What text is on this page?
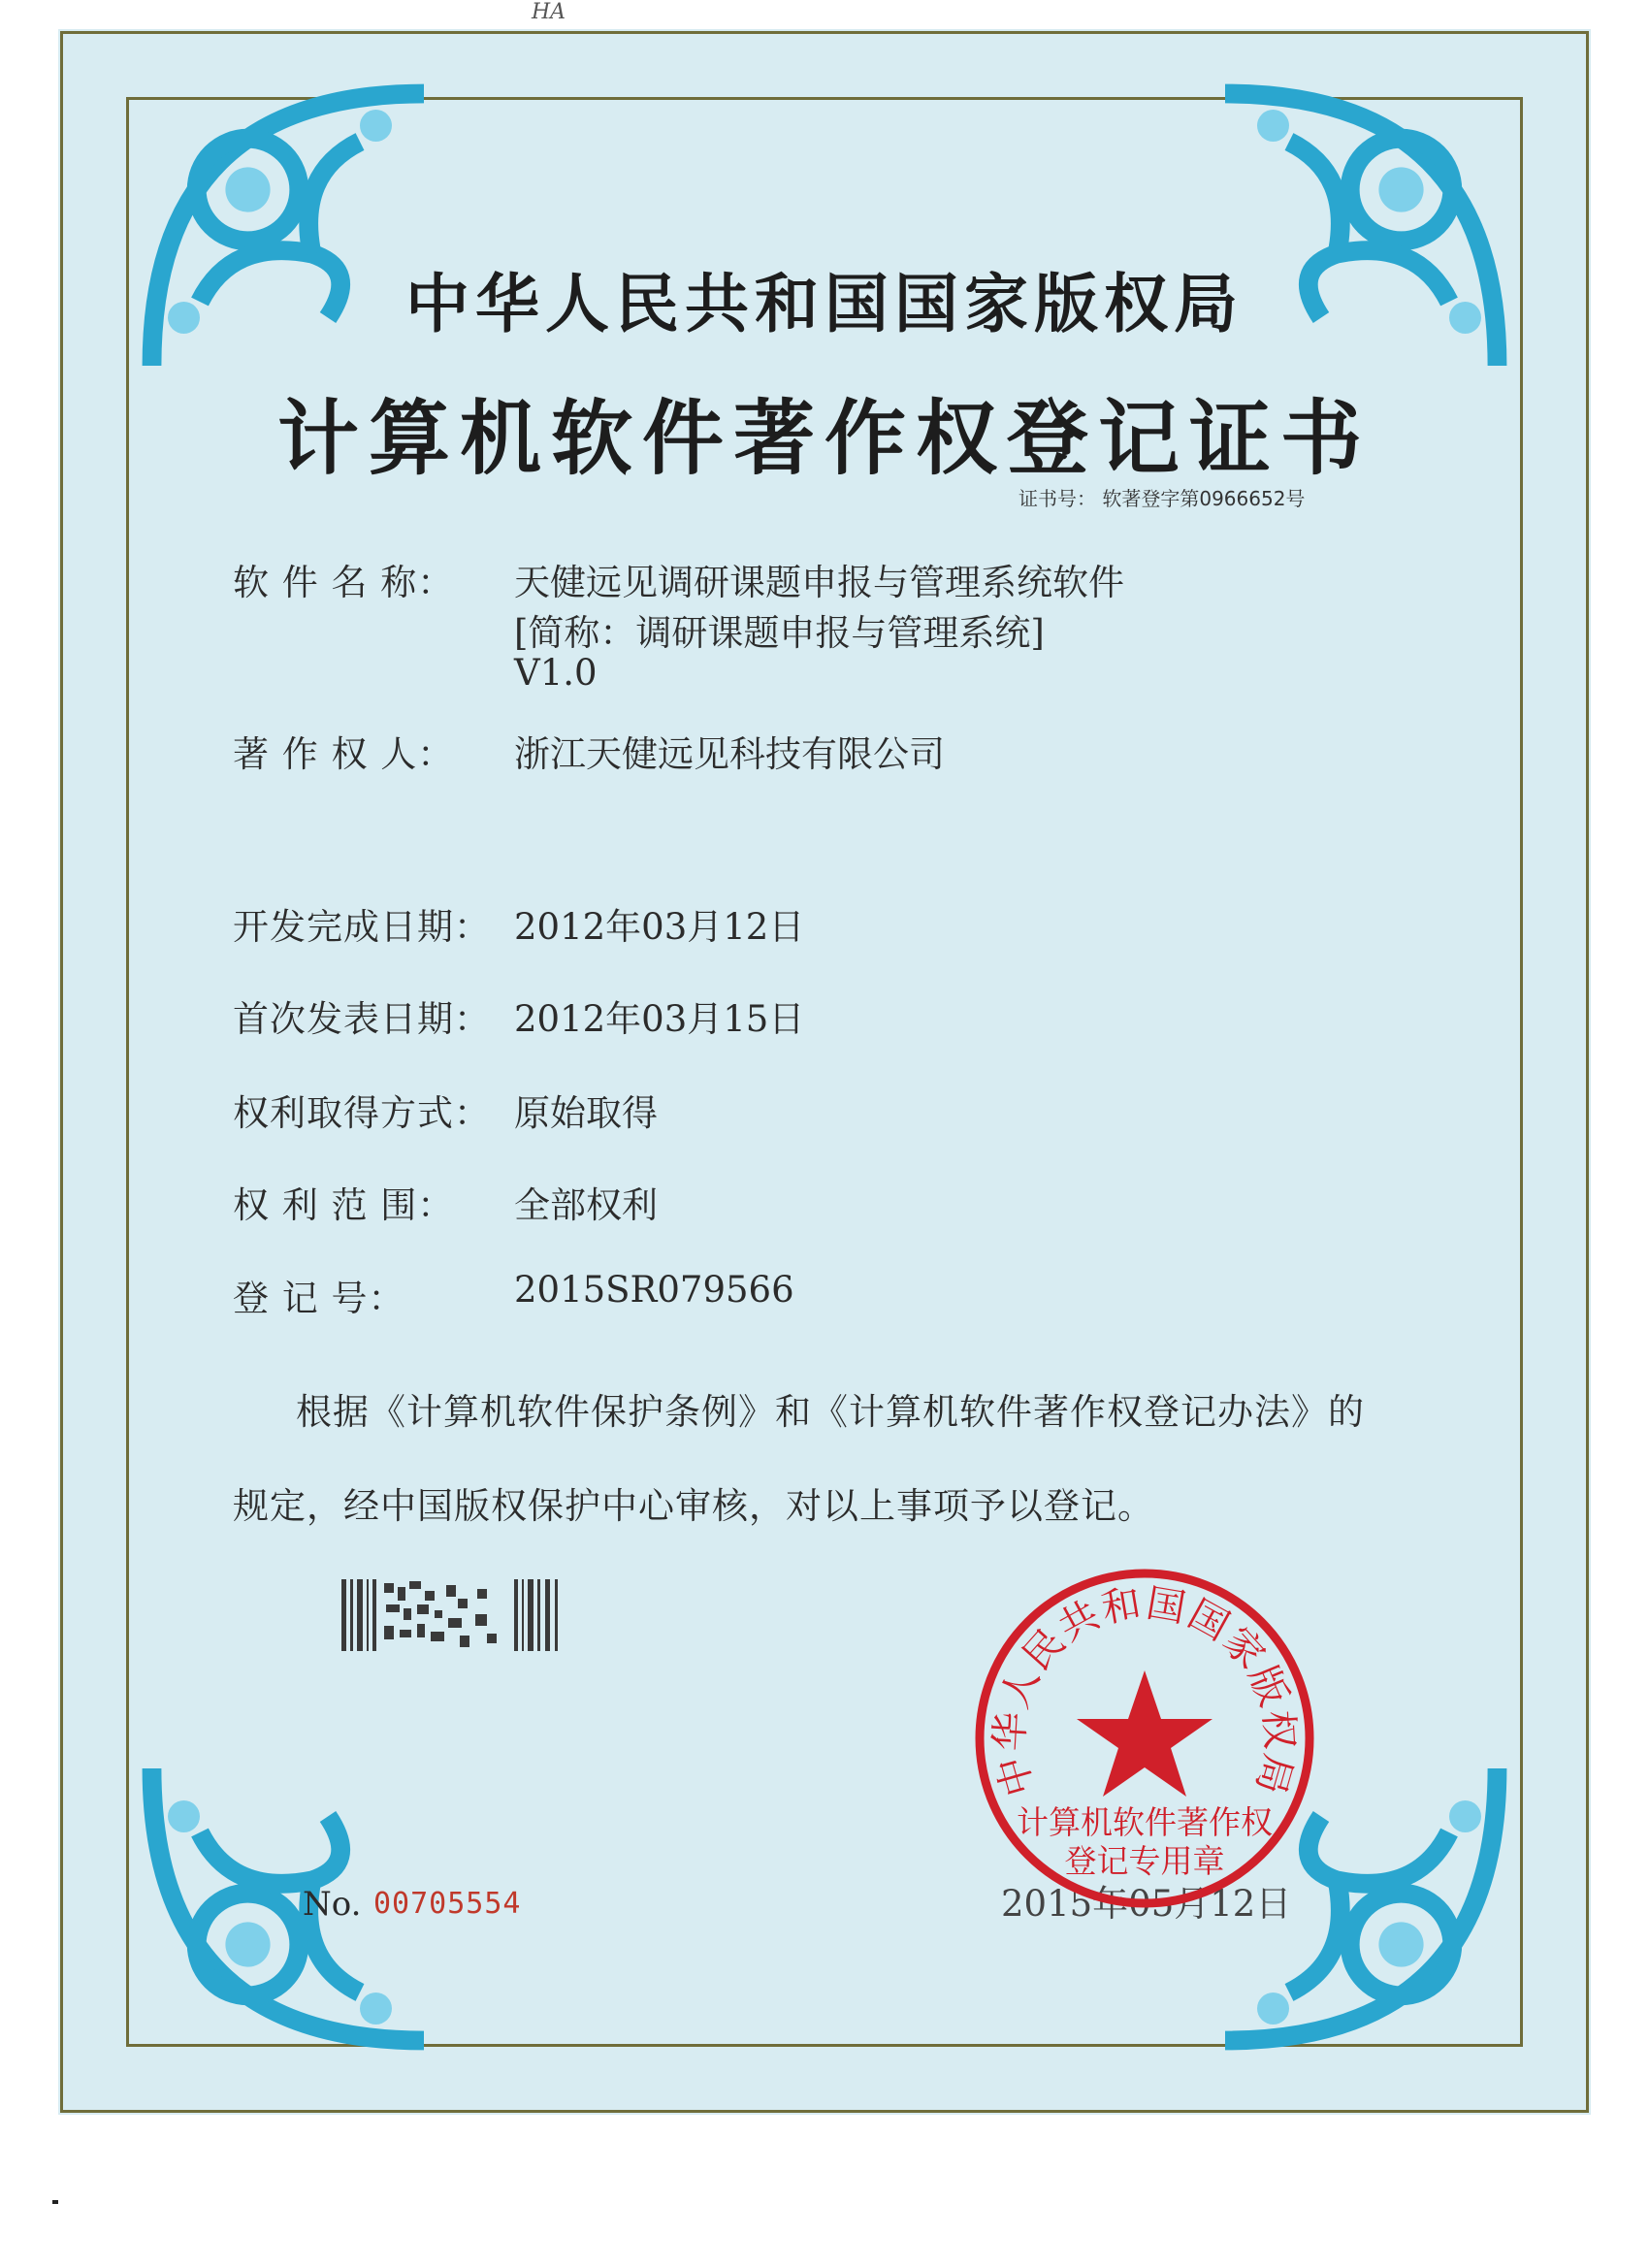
HA
中华人民共和国国家版权局
计算机软件著作权登记证书
证书号： 软著登字第0966652号
软 件 名 称： 天健远见调研课题申报与管理系统软件
[简称：调研课题申报与管理系统]
V1.0
著 作 权 人： 浙江天健远见科技有限公司
开发完成日期： 2012年03月12日
首次发表日期： 2012年03月15日
权利取得方式： 原始取得
权 利 范 围： 全部权利
登 记 号：	2015SR079566
根据《计算机软件保护条例》和《计算机软件著作权登记办法》的
规定，经中国版权保护中心审核，对以上事项予以登记。
No. 00705554	2015年05月12日
中华人民共和国国家版权局
计算机软件著作权
登记专用章
